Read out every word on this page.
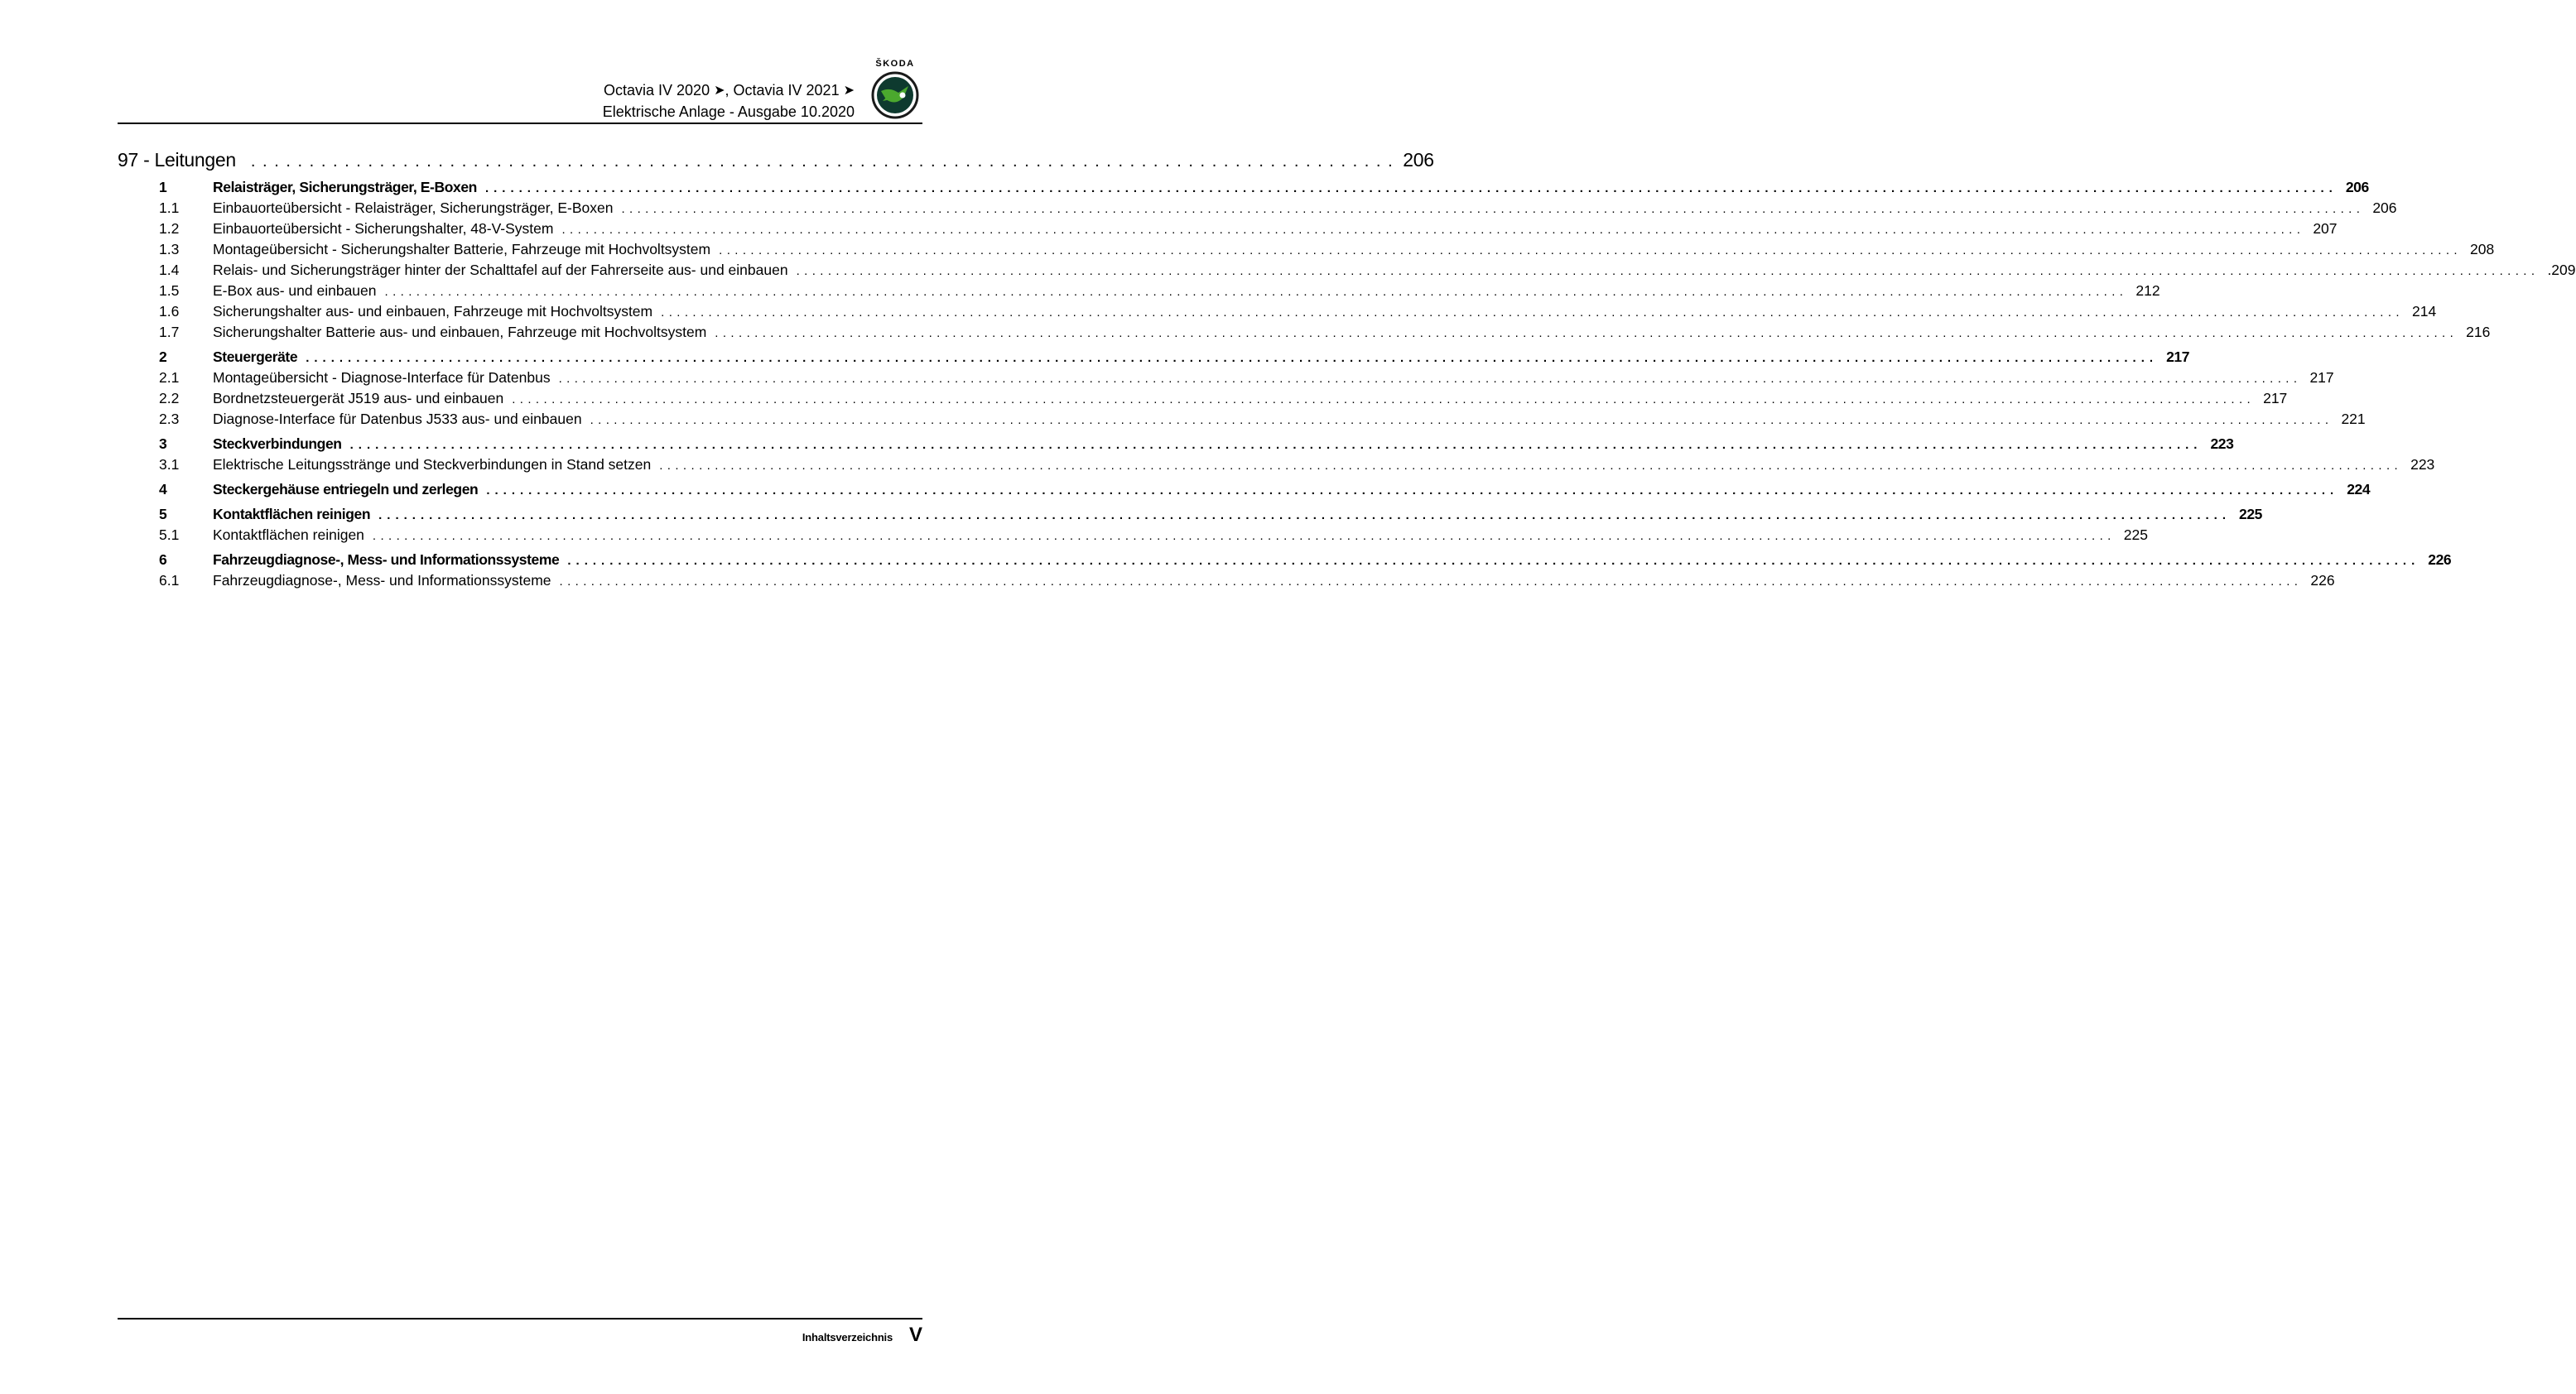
Octavia IV 2020 ➤, Octavia IV 2021 ➤
Elektrische Anlage - Ausgabe 10.2020
ŠKODA
97 - Leitungen .................................................................................................. 206
1	Relaisträger, Sicherungsträger, E-Boxen ............................................................................................................................................................................................................................ 206
1.1	Einbauorteübersicht - Relaisträger, Sicherungsträger, E-Boxen ............................................................................................................................................................................................................................ 206
1.2	Einbauorteübersicht - Sicherungshalter, 48-V-System ............................................................................................................................................................................................................................ 207
1.3	Montageübersicht - Sicherungshalter Batterie, Fahrzeuge mit Hochvoltsystem ............................................................................................................................................................................................................................ 208
1.4	Relais- und Sicherungsträger hinter der Schalttafel auf der Fahrerseite aus- und einbauen ............................................................................................................................................................................................................................ .209
1.5	E-Box aus- und einbauen ............................................................................................................................................................................................................................ 212
1.6	Sicherungshalter aus- und einbauen, Fahrzeuge mit Hochvoltsystem ............................................................................................................................................................................................................................ 214
1.7	Sicherungshalter Batterie aus- und einbauen, Fahrzeuge mit Hochvoltsystem ............................................................................................................................................................................................................................ 216
2	Steuergeräte ............................................................................................................................................................................................................................ 217
2.1	Montageübersicht - Diagnose-Interface für Datenbus ............................................................................................................................................................................................................................ 217
2.2	Bordnetzsteuergerät J519 aus- und einbauen ............................................................................................................................................................................................................................ 217
2.3	Diagnose-Interface für Datenbus J533 aus- und einbauen ............................................................................................................................................................................................................................ 221
3	Steckverbindungen ............................................................................................................................................................................................................................ 223
3.1	Elektrische Leitungsstränge und Steckverbindungen in Stand setzen ............................................................................................................................................................................................................................ 223
4	Steckergehäuse entriegeln und zerlegen ............................................................................................................................................................................................................................ 224
5	Kontaktflächen reinigen ............................................................................................................................................................................................................................ 225
5.1	Kontaktflächen reinigen ............................................................................................................................................................................................................................ 225
6	Fahrzeugdiagnose-, Mess- und Informationssysteme ............................................................................................................................................................................................................................ 226
6.1	Fahrzeugdiagnose-, Mess- und Informationssysteme ............................................................................................................................................................................................................................ 226
Inhaltsverzeichnis V
